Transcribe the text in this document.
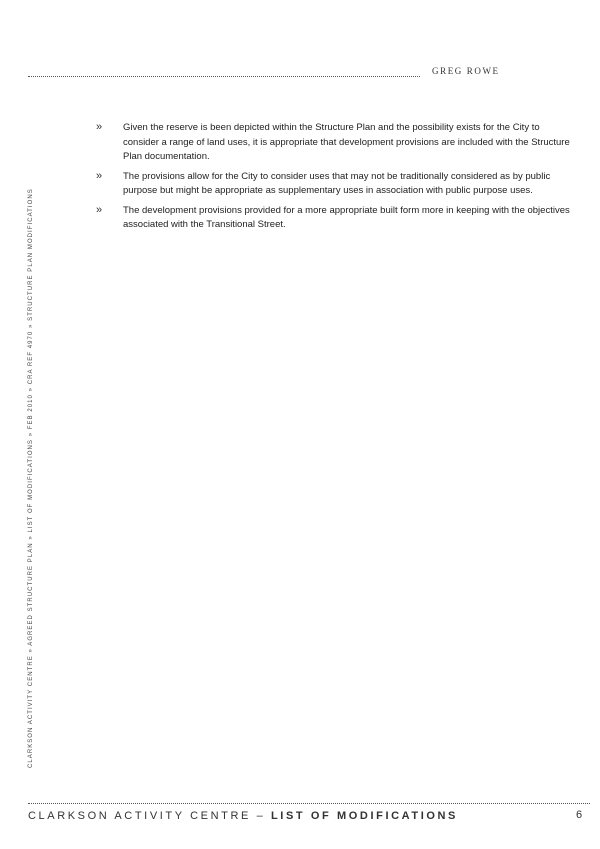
GREG ROWE
CLARKSON ACTIVITY CENTRE » AGREED STRUCTURE PLAN » LIST OF MODIFICATIONS » FEB 2010 » CRA REF 4970 » STRUCTURE PLAN MODIFICATIONS
»	Given the reserve is been depicted within the Structure Plan and the possibility exists for the City to consider a range of land uses, it is appropriate that development provisions are included with the Structure Plan documentation.
»	The provisions allow for the City to consider uses that may not be traditionally considered as by public purpose but might be appropriate as supplementary uses in association with public purpose uses.
»	The development provisions provided for a more appropriate built form more in keeping with the objectives associated with the Transitional Street.
CLARKSON ACTIVITY CENTRE – LIST OF MODIFICATIONS	6
